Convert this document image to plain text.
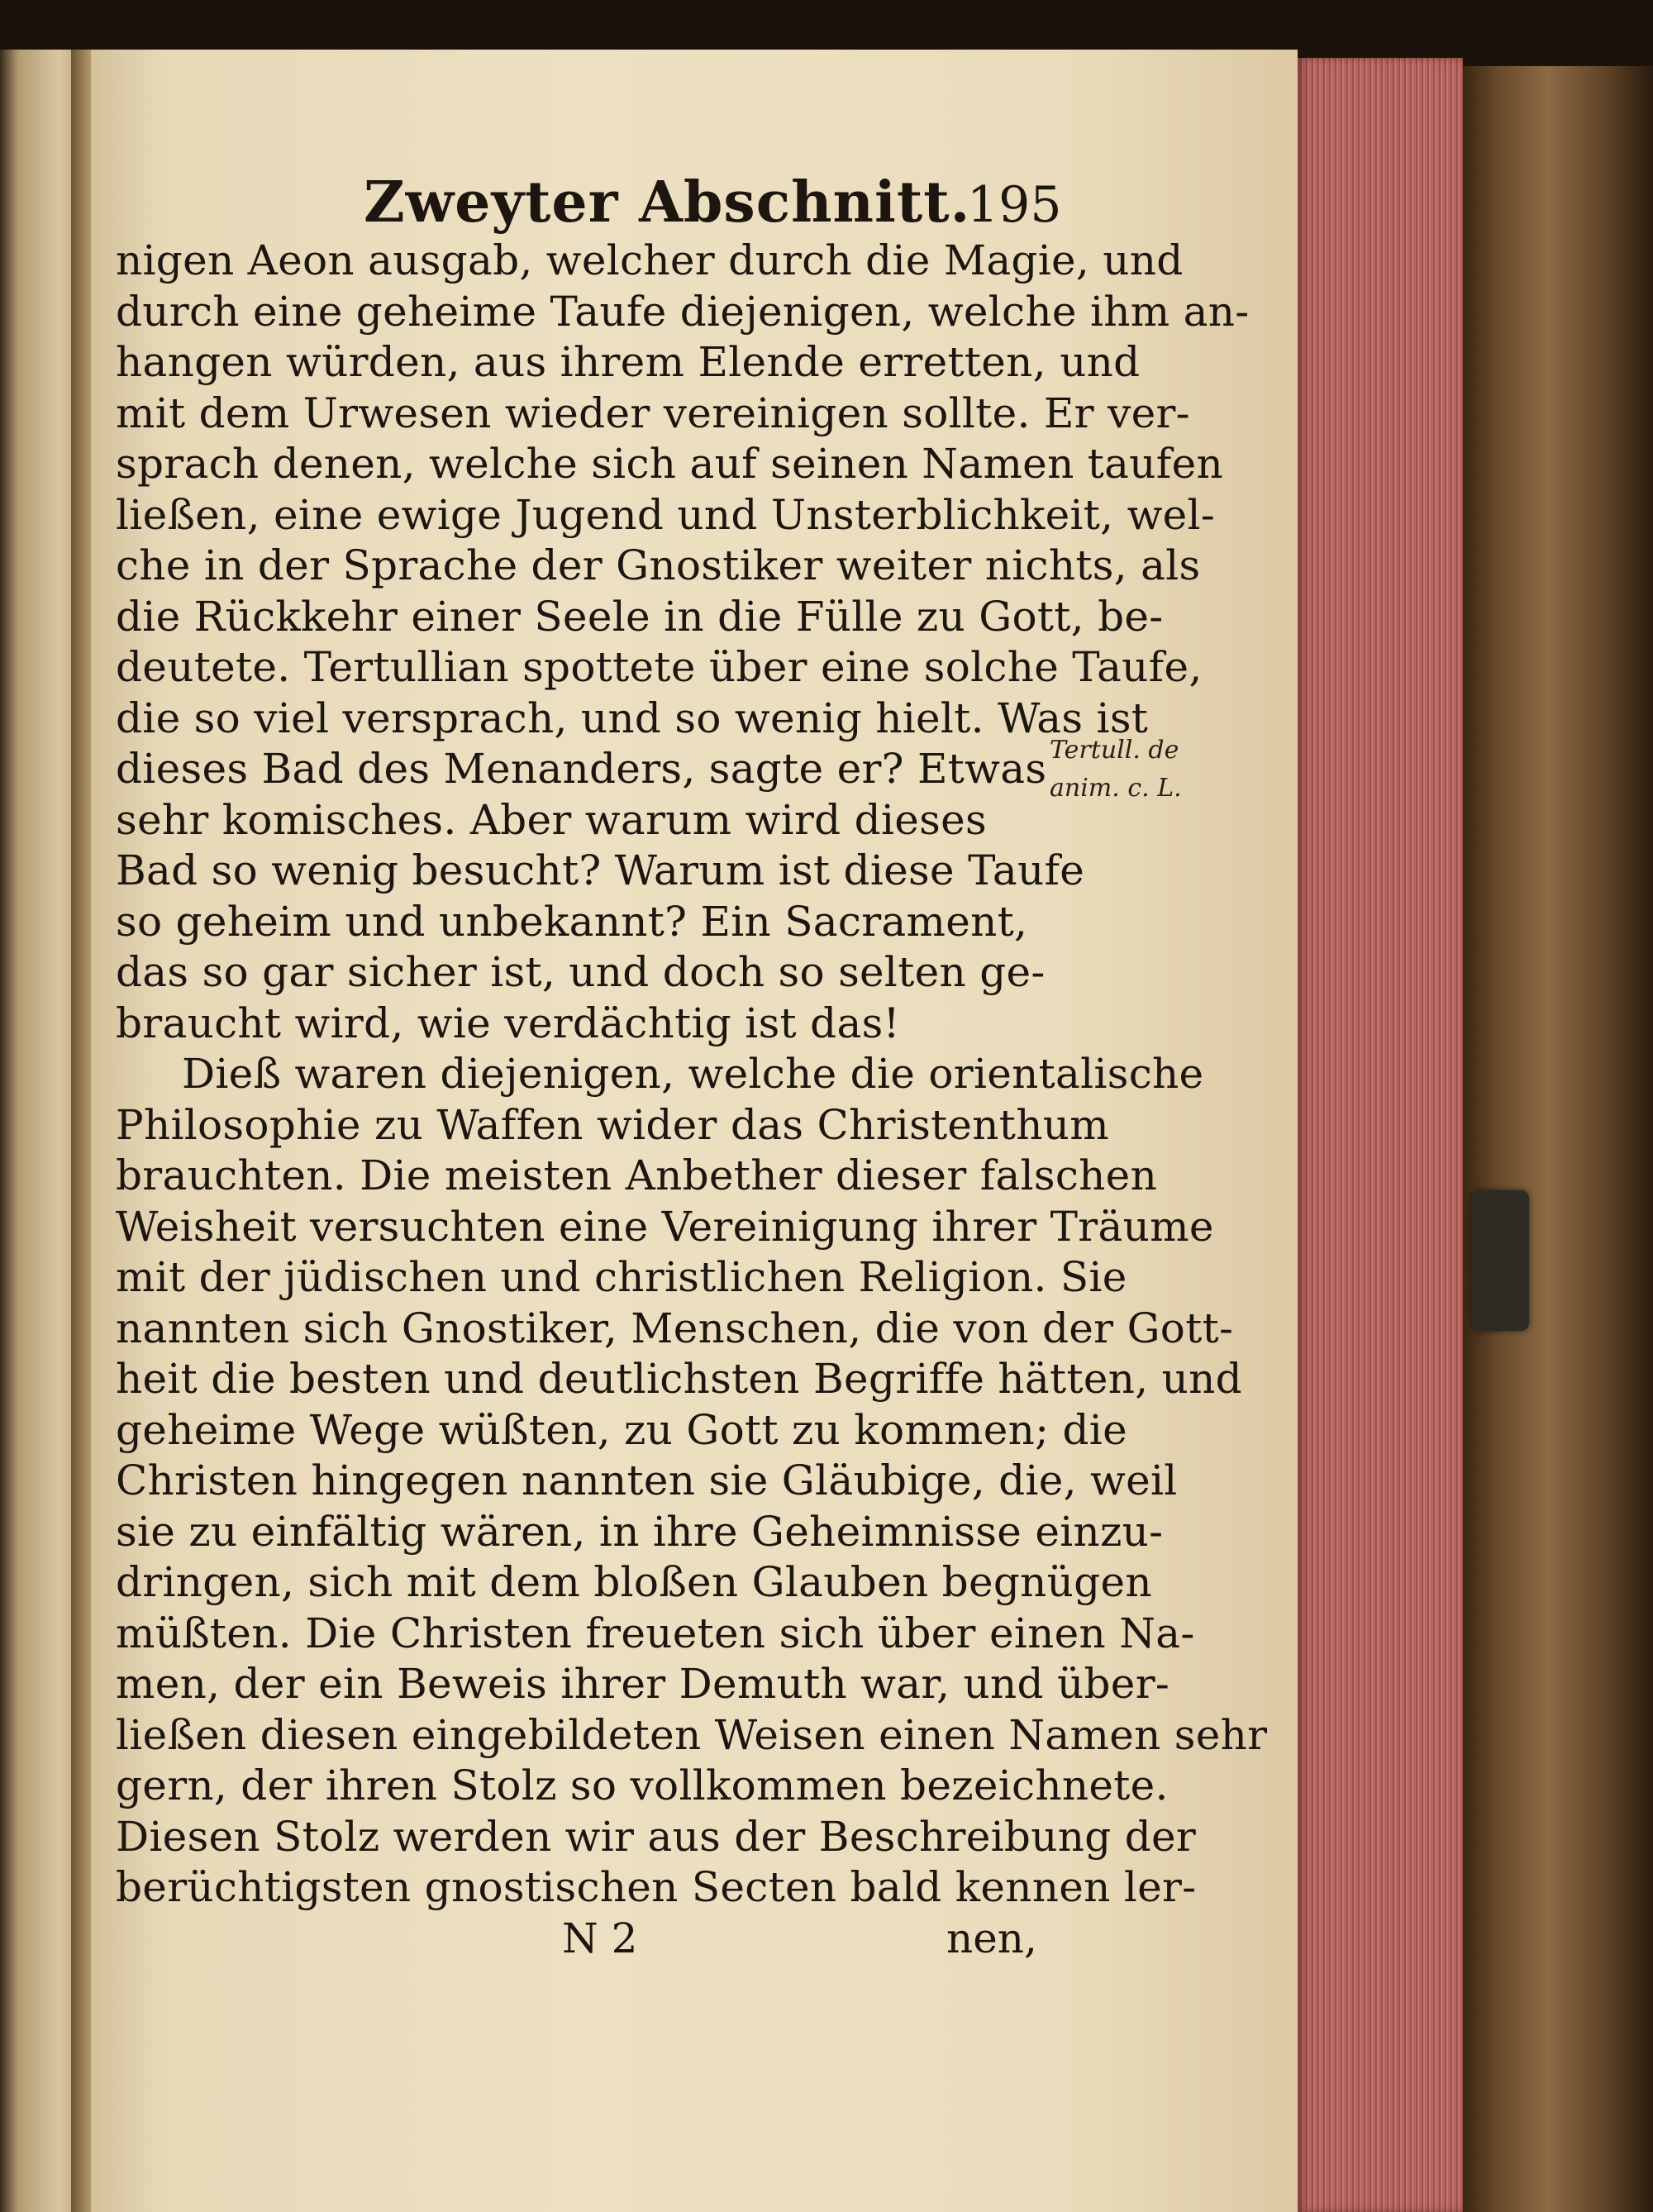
Zweyter Abschnitt.
195
nigen Aeon ausgab, welcher durch die Magie, und
durch eine geheime Taufe diejenigen, welche ihm an-
hangen würden, aus ihrem Elende erretten, und
mit dem Urwesen wieder vereinigen sollte. Er ver-
sprach denen, welche sich auf seinen Namen taufen
ließen, eine ewige Jugend und Unsterblichkeit, wel-
che in der Sprache der Gnostiker weiter nichts, als
die Rückkehr einer Seele in die Fülle zu Gott, be-
deutete. Tertullian spottete über eine solche Taufe,
die so viel versprach, und so wenig hielt. Was ist
dieses Bad des Menanders, sagte er? Etwas
sehr komisches. Aber warum wird dieses
Bad so wenig besucht? Warum ist diese Taufe
so geheim und unbekannt? Ein Sacrament,
das so gar sicher ist, und doch so selten ge-
braucht wird, wie verdächtig ist das!
Dieß waren diejenigen, welche die orientalische
Philosophie zu Waffen wider das Christenthum
brauchten. Die meisten Anbether dieser falschen
Weisheit versuchten eine Vereinigung ihrer Träume
mit der jüdischen und christlichen Religion. Sie
nannten sich Gnostiker, Menschen, die von der Gott-
heit die besten und deutlichsten Begriffe hätten, und
geheime Wege wüßten, zu Gott zu kommen; die
Christen hingegen nannten sie Gläubige, die, weil
sie zu einfältig wären, in ihre Geheimnisse einzu-
dringen, sich mit dem bloßen Glauben begnügen
müßten. Die Christen freueten sich über einen Na-
men, der ein Beweis ihrer Demuth war, und über-
ließen diesen eingebildeten Weisen einen Namen sehr
gern, der ihren Stolz so vollkommen bezeichnete.
Diesen Stolz werden wir aus der Beschreibung der
berüchtigsten gnostischen Secten bald kennen ler-
N 2	nen,
Tertull. de
anim. c. L.
